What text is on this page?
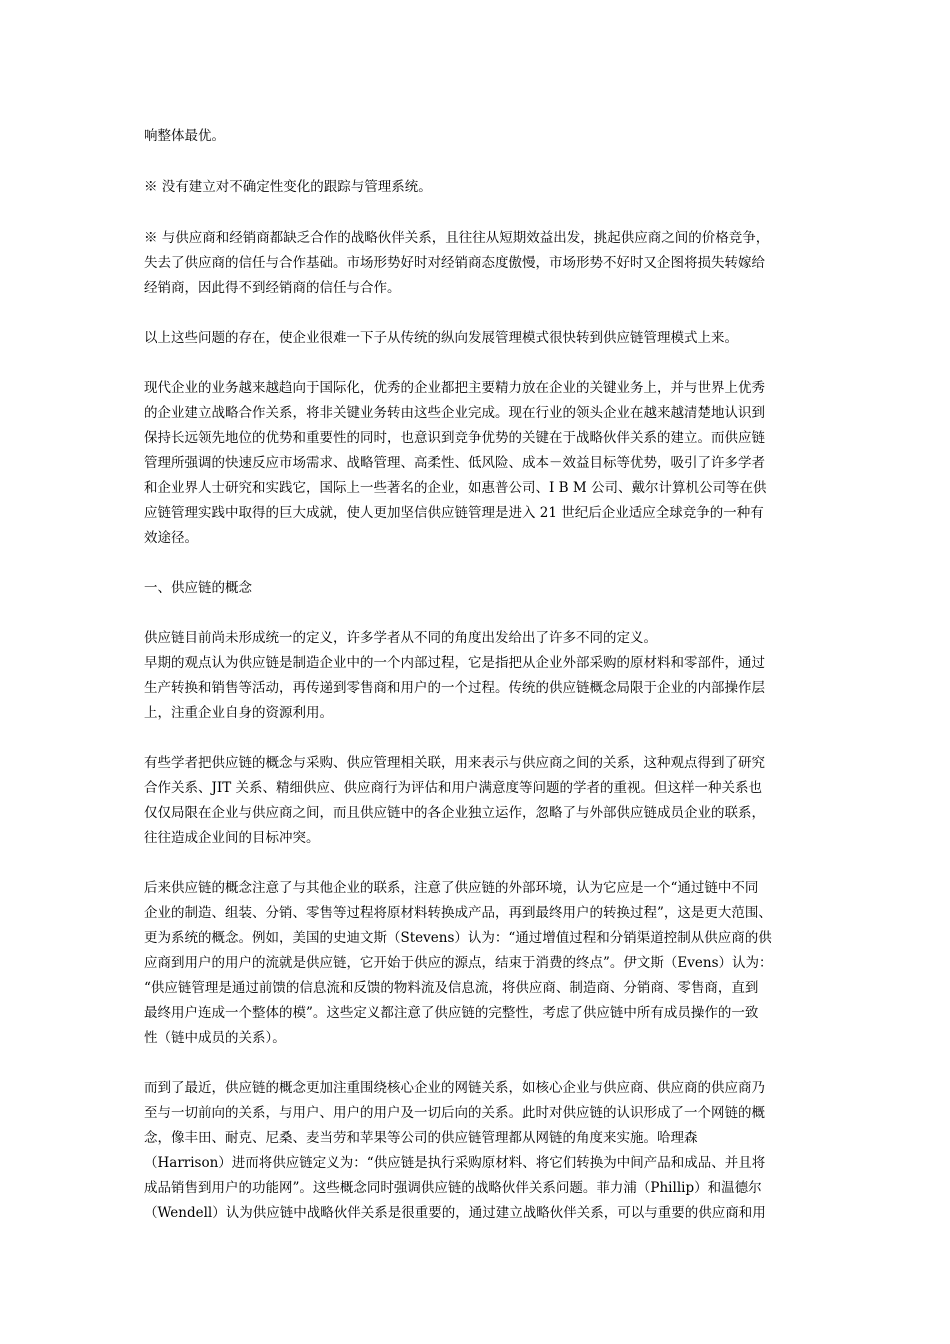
响整体最优。
※ 没有建立对不确定性变化的跟踪与管理系统。
※ 与供应商和经销商都缺乏合作的战略伙伴关系，且往往从短期效益出发，挑起供应商之间的价格竞争，
失去了供应商的信任与合作基础。市场形势好时对经销商态度傲慢，市场形势不好时又企图将损失转嫁给
经销商，因此得不到经销商的信任与合作。
以上这些问题的存在，使企业很难一下子从传统的纵向发展管理模式很快转到供应链管理模式上来。
现代企业的业务越来越趋向于国际化，优秀的企业都把主要精力放在企业的关键业务上，并与世界上优秀
的企业建立战略合作关系，将非关键业务转由这些企业完成。现在行业的领头企业在越来越清楚地认识到
保持长远领先地位的优势和重要性的同时，也意识到竞争优势的关键在于战略伙伴关系的建立。而供应链
管理所强调的快速反应市场需求、战略管理、高柔性、低风险、成本－效益目标等优势，吸引了许多学者
和企业界人士研究和实践它，国际上一些著名的企业，如惠普公司、I B M 公司、戴尔计算机公司等在供
应链管理实践中取得的巨大成就，使人更加坚信供应链管理是进入 21 世纪后企业适应全球竞争的一种有
效途径。
一、供应链的概念
供应链目前尚未形成统一的定义，许多学者从不同的角度出发给出了许多不同的定义。
早期的观点认为供应链是制造企业中的一个内部过程，它是指把从企业外部采购的原材料和零部件，通过
生产转换和销售等活动，再传递到零售商和用户的一个过程。传统的供应链概念局限于企业的内部操作层
上，注重企业自身的资源利用。
有些学者把供应链的概念与采购、供应管理相关联，用来表示与供应商之间的关系，这种观点得到了研究
合作关系、JIT 关系、精细供应、供应商行为评估和用户满意度等问题的学者的重视。但这样一种关系也
仅仅局限在企业与供应商之间，而且供应链中的各企业独立运作，忽略了与外部供应链成员企业的联系，
往往造成企业间的目标冲突。
后来供应链的概念注意了与其他企业的联系，注意了供应链的外部环境，认为它应是一个“通过链中不同
企业的制造、组装、分销、零售等过程将原材料转换成产品，再到最终用户的转换过程”，这是更大范围、
更为系统的概念。例如，美国的史迪文斯（Stevens）认为：“通过增值过程和分销渠道控制从供应商的供
应商到用户的用户的流就是供应链，它开始于供应的源点，结束于消费的终点”。伊文斯（Evens）认为：
“供应链管理是通过前馈的信息流和反馈的物料流及信息流，将供应商、制造商、分销商、零售商，直到
最终用户连成一个整体的模”。这些定义都注意了供应链的完整性，考虑了供应链中所有成员操作的一致
性（链中成员的关系）。
而到了最近，供应链的概念更加注重围绕核心企业的网链关系，如核心企业与供应商、供应商的供应商乃
至与一切前向的关系，与用户、用户的用户及一切后向的关系。此时对供应链的认识形成了一个网链的概
念，像丰田、耐克、尼桑、麦当劳和苹果等公司的供应链管理都从网链的角度来实施。哈理森
（Harrison）进而将供应链定义为：“供应链是执行采购原材料、将它们转换为中间产品和成品、并且将
成品销售到用户的功能网”。这些概念同时强调供应链的战略伙伴关系问题。菲力浦（Phillip）和温德尔
（Wendell）认为供应链中战略伙伴关系是很重要的，通过建立战略伙伴关系，可以与重要的供应商和用
